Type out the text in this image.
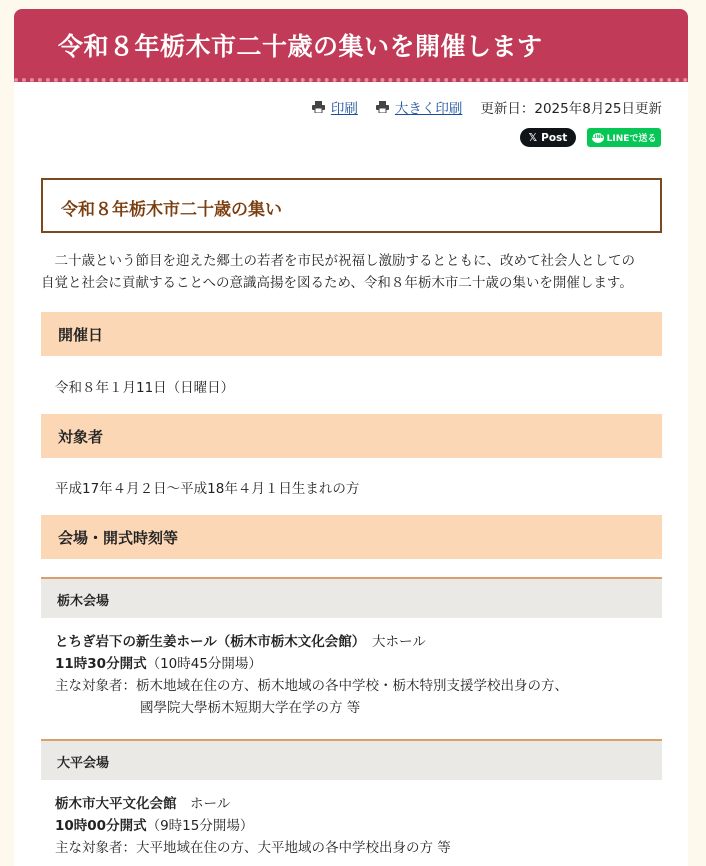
令和８年栃木市二十歳の集いを開催します
印刷	大きく印刷 更新日：2025年8月25日更新
𝕏 Post	LINE LINEで送る
令和８年栃木市二十歳の集い

　二十歳という節目を迎えた郷土の若者を市民が祝福し激励するとともに、改めて社会人としての

自覚と社会に貢献することへの意識高揚を図るため、令和８年栃木市二十歳の集いを開催します。

開催日
令和８年１月11日（日曜日）
対象者
平成17年４月２日～平成18年４月１日生まれの方
会場・開式時刻等
栃木会場
とちぎ岩下の新生姜ホール（栃木市栃木文化会館）　大ホール
11時30分開式（10時45分開場）
主な対象者：栃木地域在住の方、栃木地域の各中学校・栃木特別支援学校出身の方、
國學院大學栃木短期大学在学の方 等
大平会場
栃木市大平文化会館　ホール
10時00分開式（9時15分開場）
主な対象者：大平地域在住の方、大平地域の各中学校出身の方 等
